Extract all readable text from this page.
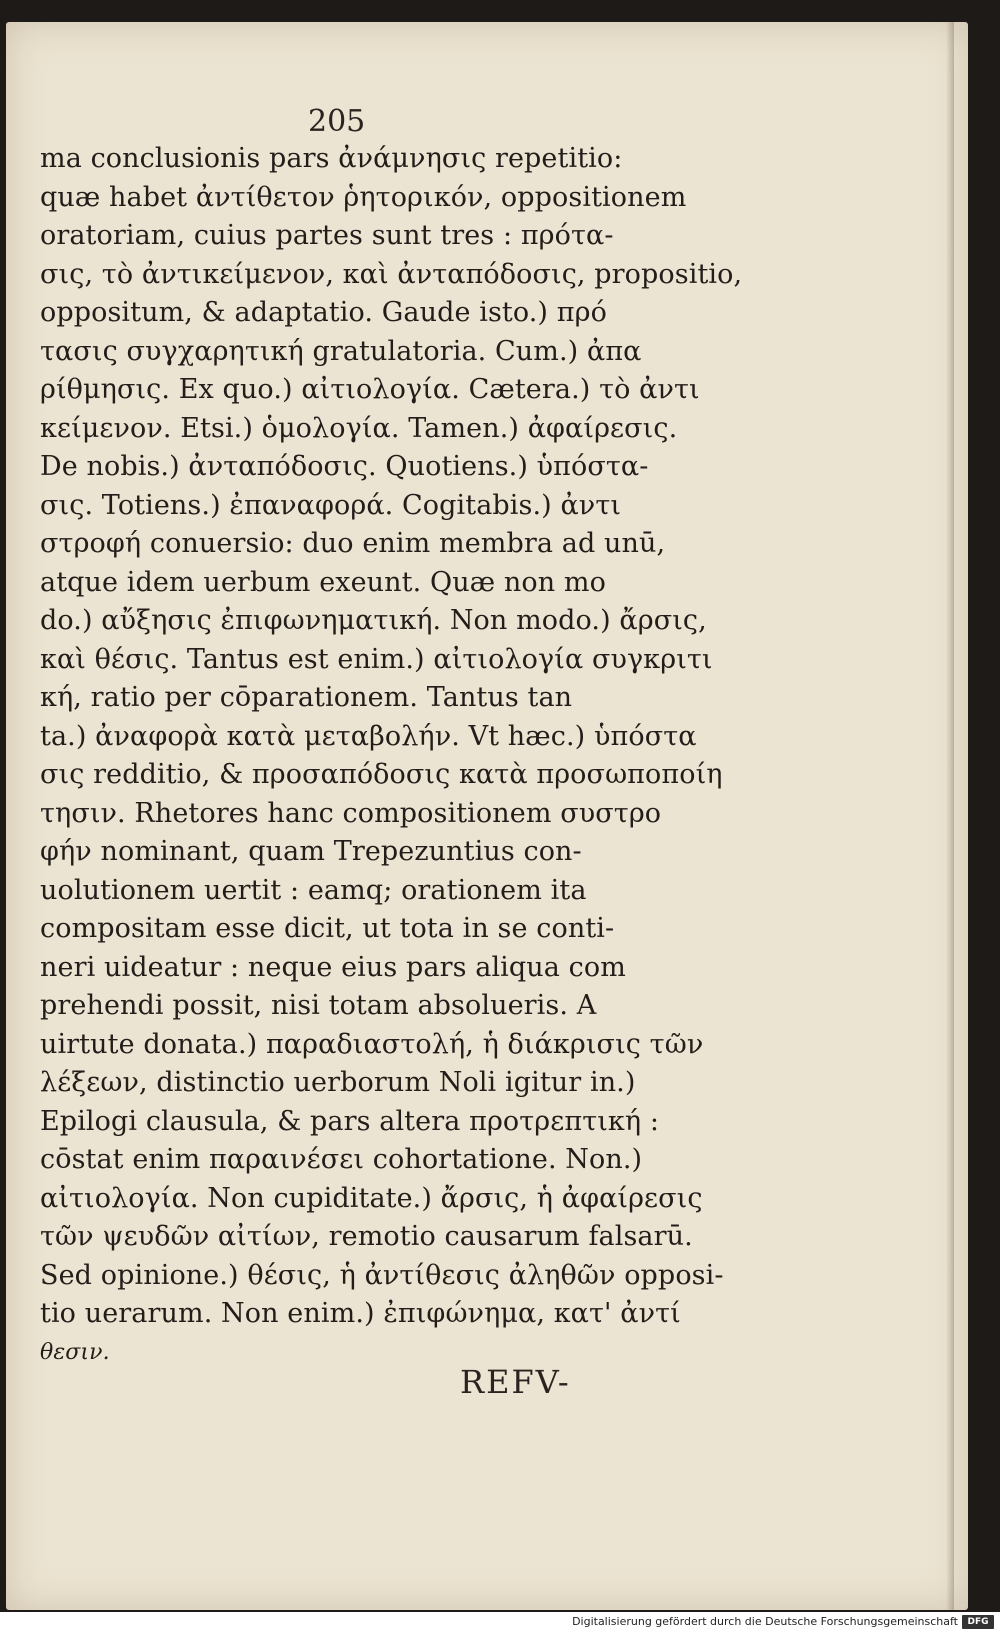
205
ma conclusionis pars ἀνάμνησις repetitio:
quæ habet ἀντίθετον ῥητορικόν, oppositionem
oratoriam, cuius partes sunt tres : πρότα-
σις, τὸ ἀντικείμενον, καὶ ἀνταπόδοσις, propositio,
oppositum, & adaptatio. Gaude isto.) πρό
τασις συγχαρητική gratulatoria. Cum.) ἀπα
ρίθμησις. Ex quo.) αἰτιολογία. Cætera.) τὸ ἀντι
κείμενον. Etsi.) ὁμολογία. Tamen.) ἀφαίρεσις.
De nobis.) ἀνταπόδοσις. Quotiens.) ὑπόστα-
σις. Totiens.) ἐπαναφορά. Cogitabis.) ἀντι
στροφή conuersio: duo enim membra ad unū,
atque idem uerbum exeunt. Quæ non mo
do.) αὔξησις ἐπιφωνηματική. Non modo.) ἄρσις,
καὶ θέσις. Tantus est enim.) αἰτιολογία συγκριτι
κή, ratio per cōparationem. Tantus tan
ta.) ἀναφορὰ κατὰ μεταβολήν. Vt hæc.) ὑπόστα
σις redditio, & προσαπόδοσις κατὰ προσωποποίη
τησιν. Rhetores hanc compositionem συστρο
φήν nominant, quam Trepezuntius con-
uolutionem uertit : eamq; orationem ita
compositam esse dicit, ut tota in se conti-
neri uideatur : neque eius pars aliqua com
prehendi possit, nisi totam absolueris. A
uirtute donata.) παραδιαστολή, ἡ διάκρισις τῶν
λέξεων, distinctio uerborum Noli igitur in.)
Epilogi clausula, & pars altera προτρεπτική :
cōstat enim παραινέσει cohortatione. Non.)
αἰτιολογία. Non cupiditate.) ἄρσις, ἡ ἀφαίρεσις
τῶν ψευδῶν αἰτίων, remotio causarum falsarū.
Sed opinione.) θέσις, ἡ ἀντίθεσις ἀληθῶν opposi-
tio uerarum. Non enim.) ἐπιφώνημα, κατ' ἀντί
θεσιν.
REFV-
Digitalisierung gefördert durch die Deutsche Forschungsgemeinschaft	DFG
